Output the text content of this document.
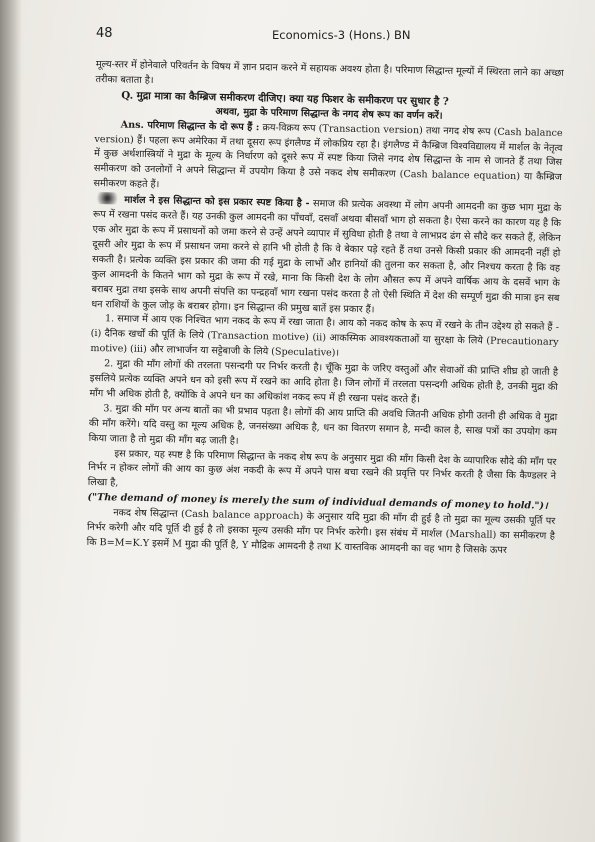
48	Economics-3 (Hons.) BN

मूल्य-स्तर में होनेवाले परिवर्तन के विषय में ज्ञान प्रदान करने में सहायक अवश्य होता है। परिमाण सिद्धान्त मूल्यों में स्थिरता लाने का अच्छा तरीका बताता है।

Q. मुद्रा मात्रा का कैम्ब्रिज समीकरण दीजिए। क्या यह फिशर के समीकरण पर सुधार है ?

अथवा, मुद्रा के परिमाण सिद्धान्त के नगद शेष रूप का वर्णन करें।

Ans. परिमाण सिद्धान्त के दो रूप हैं : क्रय-विक्रय रूप (Transaction version) तथा नगद शेष रूप (Cash balance version) हैं। पहला रूप अमेरिका में तथा दूसरा रूप इंगलैण्ड में लोकप्रिय रहा है। इंगलैण्ड में कैम्ब्रिज विश्वविद्यालय में मार्शल के नेतृत्व में कुछ अर्थशास्त्रियों ने मुद्रा के मूल्य के निर्धारण को दूसरे रूप में स्पष्ट किया जिसे नगद शेष सिद्धान्त के नाम से जानते हैं तथा जिस समीकरण को उनलोगों ने अपने सिद्धान्त में उपयोग किया है उसे नकद शेष समीकरण (Cash balance equation) या कैम्ब्रिज समीकरण कहते हैं।

मार्शल ने इस सिद्धान्त को इस प्रकार स्पष्ट किया है - समाज की प्रत्येक अवस्था में लोग अपनी आमदनी का कुछ भाग मुद्रा के रूप में रखना पसंद करते हैं। यह उनकी कुल आमदनी का पाँचवाँ, दसवाँ अथवा बीसवाँ भाग हो सकता है। ऐसा करने का कारण यह है कि एक ओर मुद्रा के रूप में प्रसाधनों को जमा करने से उन्हें अपने व्यापार में सुविधा होती है तथा वे लाभप्रद ढंग से सौदे कर सकते हैं, लेकिन दूसरी ओर मुद्रा के रूप में प्रसाधन जमा करने से हानि भी होती है कि वे बेकार पड़े रहते हैं तथा उनसे किसी प्रकार की आमदनी नहीं हो सकती है। प्रत्येक व्यक्ति इस प्रकार की जमा की गई मुद्रा के लाभों और हानियों की तुलना कर सकता है, और निश्चय करता है कि वह कुल आमदनी के कितने भाग को मुद्रा के रूप में रखे, माना कि किसी देश के लोग औसत रूप में अपने वार्षिक आय के दसवें भाग के बराबर मुद्रा तथा इसके साथ अपनी संपत्ति का पन्द्रहवाँ भाग रखना पसंद करता है तो ऐसी स्थिति में देश की सम्पूर्ण मुद्रा की मात्रा इन सब धन राशियों के कुल जोड़ के बराबर होगा। इन सिद्धान्त की प्रमुख बातें इस प्रकार हैं।

1. समाज में आय एक निश्चित भाग नकद के रूप में रखा जाता है। आय को नकद कोष के रूप में रखने के तीन उद्देश्य हो सकते हैं - (i) दैनिक खर्चों की पूर्ति के लिये (Transaction motive) (ii) आकस्मिक आवश्यकताओं या सुरक्षा के लिये (Precautionary motive) (iii) और लाभार्जन या सट्टेबाजी के लिये (Speculative)।

2. मुद्रा की माँग लोगों की तरलता पसन्दगी पर निर्भर करती है। चूँकि मुद्रा के जरिए वस्तुओं और सेवाओं की प्राप्ति शीघ्र हो जाती है इसलिये प्रत्येक व्यक्ति अपने धन को इसी रूप में रखने का आदि होता है। जिन लोगों में तरलता पसन्दगी अधिक होती है, उनकी मुद्रा की माँग भी अधिक होती है, क्योंकि वे अपने धन का अधिकांश नकद रूप में ही रखना पसंद करते हैं।

3. मुद्रा की माँग पर अन्य बातों का भी प्रभाव पड़ता है। लोगों की आय प्राप्ति की अवधि जितनी अधिक होगी उतनी ही अधिक वे मुद्रा की माँग करेंगे। यदि वस्तु का मूल्य अधिक है, जनसंख्या अधिक है, धन का वितरण समान है, मन्दी काल है, साख पत्रों का उपयोग कम किया जाता है तो मुद्रा की माँग बढ़ जाती है।

इस प्रकार, यह स्पष्ट है कि परिमाण सिद्धान्त के नकद शेष रूप के अनुसार मुद्रा की माँग किसी देश के व्यापारिक सौदे की माँग पर निर्भर न होकर लोगों की आय का कुछ अंश नकदी के रूप में अपने पास बचा रखने की प्रवृत्ति पर निर्भर करती है जैसा कि कैण्डलर ने लिखा है,

("The demand of money is merely the sum of individual demands of money to hold.")।

नकद शेष सिद्धान्त (Cash balance approach) के अनुसार यदि मुद्रा की माँग दी हुई है तो मुद्रा का मूल्य उसकी पूर्ति पर निर्भर करेगी और यदि पूर्ति दी हुई है तो इसका मूल्य उसकी माँग पर निर्भर करेगी। इस संबंध में मार्शल (Marshall) का समीकरण है कि B=M=K.Y इसमें M मुद्रा की पूर्ति है, Y मौद्रिक आमदनी है तथा K वास्तविक आमदनी का वह भाग है जिसके ऊपर
